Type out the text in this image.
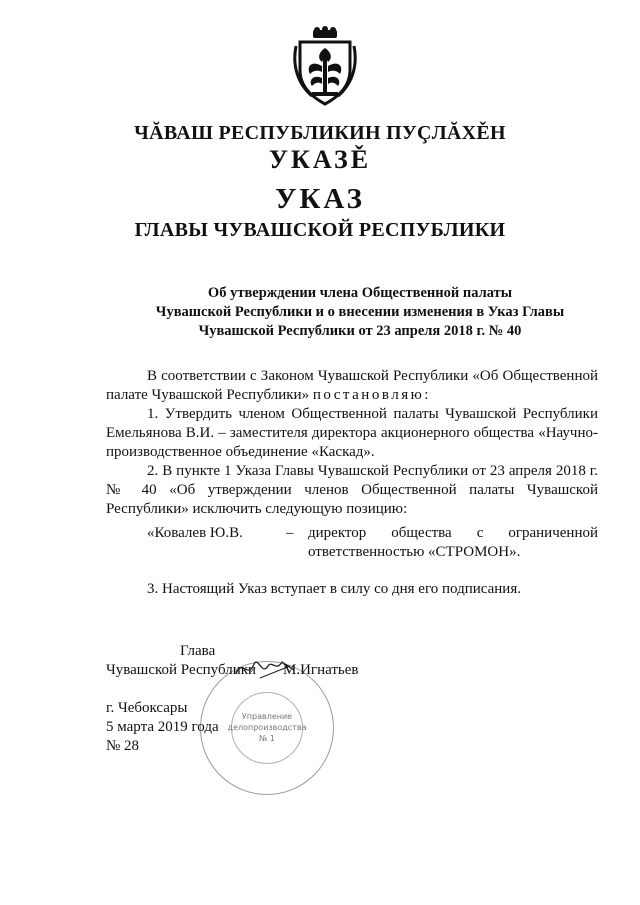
ЧĂВАШ РЕСПУБЛИКИН ПУÇЛĂХĚН
УКАЗĚ
УКАЗ
ГЛАВЫ ЧУВАШСКОЙ РЕСПУБЛИКИ
Об утверждении члена Общественной палаты
Чувашской Республики и о внесении изменения в Указ Главы
Чувашской Республики от 23 апреля 2018 г. № 40
В соответствии с Законом Чувашской Республики «Об Общественной палате Чувашской Республики» постановляю:
1. Утвердить членом Общественной палаты Чувашской Республики Емельянова В.И. – заместителя директора акционерного общества «Научно-производственное объединение «Каскад».
2. В пункте 1 Указа Главы Чувашской Республики от 23 апреля 2018 г. № 40 «Об утверждении членов Общественной палаты Чувашской Республики» исключить следующую позицию:
«Ковалев Ю.В.	– директор общества с ограниченной ответственностью «СТРОМОН».
3. Настоящий Указ вступает в силу со дня его подписания.
Управление
делопроизводства
№ 1
Глава
Чувашской Республики М.Игнатьев
г. Чебоксары
5 марта 2019 года
№ 28
